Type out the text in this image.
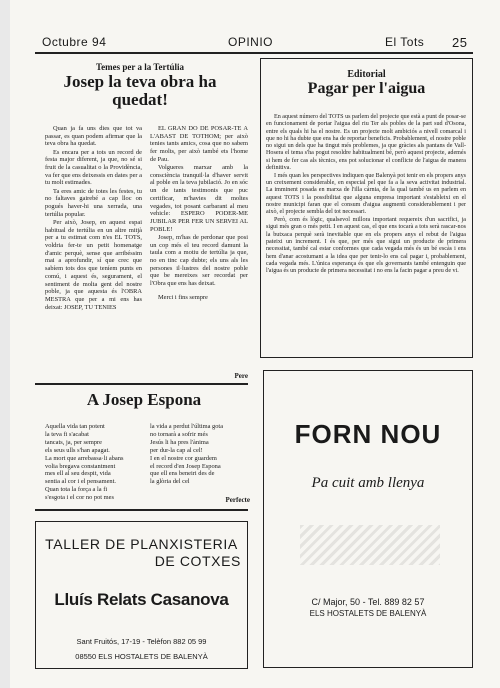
Octubre 94	OPINIO	El Tots 25
Temes per a la Tertúlia
Josep la teva obra ha quedat!

Quan ja fa uns dies que tot va passar, es quan podem afirmar que la teva obra ha quedat.

Es encara per a tots un record de festa major diferent, ja que, no sé si fruit de la casualitat o la Providència, va fer que ens deixessis en dates per a tu molt estimades.

Ta eres amic de totes les festes, tu no faltaves gairebé a cap lloc on pogués haver-hi una xerrada, una tertúlia popular.

Per això, Josep, en aquest espai habitual de tertúlia en un altre mitjà per a tu estimat com n'es EL TOTS, voldria fer-te un petit homenatge d'amic perquè, sense que arribéssim mai a aprofundir, sí que crec que sabíem tots dos que teníem punts en comú, i aquest és, segurament, el sentiment de molta gent del nostre poble, ja que aquesta és l'OBRA MESTRA que per a mi ens has deixat: JOSEP, TU TENIES

EL GRAN DO DE POSAR-TE A L'ABAST DE TOTHOM; per això tenies tants amics, cosa que no sabem fer molts, per això també ets l'home de Pau.

Volgueres marxar amb la consciència tranquil·la d'haver servit al poble en la teva jubilació. Jo en sóc un de tants testimonis que puc certificar, m'havies dit moltes vegades, tot posant carbarant al meu vehicle: ESPERO PODER-ME JUBILAR PER FER UN SERVEI AL POBLE!

Josep, m'has de perdonar que posi un cop més el teu record damunt la taula com a motiu de tertúlia ja que, no en tinc cap dubte; els uns als les persones il·lustres del nostre poble que be mereixes ser recordat per l'Obra que ens has deixat.

Merci i fins sempre

Pere
Editorial
Pagar per l'aigua

En aquest número del TOTS us parlem del projecte que està a punt de posar-se en funcionament de portar l'aigua del riu Ter als pobles de la part sud d'Osona, entre els quals hi ha el nostre. Es un projecte molt ambiciós a nivell comarcal i que no hi ha dubte que ens ha de reportar beneficis. Probablement, el nostre poble no sigui un dels que ha tingut més problemes, ja que gràcies als pantans de Vall-Hosera el tema s'ha pogut resoldre habitualment bé, però aquest projecte, ademés si hem de fer cas als tècnics, ens pot solucionar el conflicte de l'aigua de manera definitiva.

I més quan les perspectives indiquen que Balenyà pot tenir en els propers anys un creixement considerable, en especial pel que fa a la seva activitat industrial. La imminent posada en marxa de l'illa càrnia, de la qual també us en parlem en aquest TOTS i la possibilitat que alguna empresa important s'estableixi en el nostre municipi faran que el consum d'aigua augmenti considerablement i per això, el projecte sembla del tot necessari.

Però, com és lògic, qualsevol millora important requereix d'un sacrifici, ja sigui més gran o més petit. I en aquest cas, el que ens tocarà a tots serà rascar-nos la butxaca perquè serà inevitable que en els propers anys el rebut de l'aigua pateixi un increment. I és que, per més que sigui un producte de primera necessitat, també cal estar conformes que cada vegada més és un bé escàs i ens hem d'anar acostumant a la idea que per tenir-lo ens cal pagar i, probablement, cada vegada més. L'única esperança és que els governants també entenguin que l'aigua és un producte de primera necessitat i no ens la facin pagar a preu de vi.

A Josep Espona
Aquella vida tan potent
la teva fi s'acabat
tancats, ja, per sempre
els seus ulls s'han apagat.
La mort que arrebassa·li abans
volia bregava constantment
mes ell al seu despit, vida
sentia al cor i el pensament.
Quan tota la força a la fi
s'esgota i el cor no pot mes
la vida a perdut l'última gota
no tornarà a sofrir més
Jesús li ha pres l'ànima
per dur-la cap al cel!
I en el nostre cor guardem
el record d'en Josep Espona
que ell ens beneiri des de
la glòria del cel
Perfecte
TALLER DE PLANXISTERIA
DE COTXES
Lluís Relats Casanova
Sant Fruitós, 17-19 - Telèfon 882 05 99
08550 ELS HOSTALETS DE BALENYÀ
FORN NOU
Pa cuit amb llenya
C/ Major, 50 - Tel. 889 82 57
ELS HOSTALETS DE BALENYÀ
